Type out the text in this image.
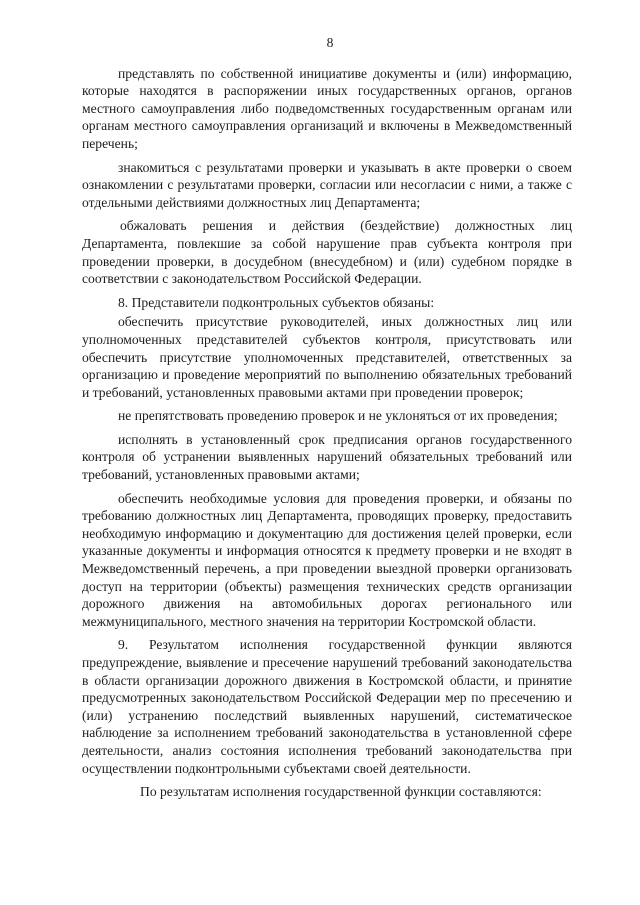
8

представлять по собственной инициативе документы и (или) информацию, которые находятся в распоряжении иных государственных органов, органов местного самоуправления либо подведомственных государственным органам или органам местного самоуправления организаций и включены в Межведомственный перечень;

знакомиться с результатами проверки и указывать в акте проверки о своем ознакомлении с результатами проверки, согласии или несогласии с ними, а также с отдельными действиями должностных лиц Департамента;

обжаловать решения и действия (бездействие) должностных лиц Департамента, повлекшие за собой нарушение прав субъекта контроля при проведении проверки, в досудебном (внесудебном) и (или) судебном порядке в соответствии с законодательством Российской Федерации.

8. Представители подконтрольных субъектов обязаны:

обеспечить присутствие руководителей, иных должностных лиц или уполномоченных представителей субъектов контроля, присутствовать или обеспечить присутствие уполномоченных представителей, ответственных за организацию и проведение мероприятий по выполнению обязательных требований и требований, установленных правовыми актами при проведении проверок;

не препятствовать проведению проверок и не уклоняться от их проведения;

исполнять в установленный срок предписания органов государственного контроля об устранении выявленных нарушений обязательных требований или требований, установленных правовыми актами;

обеспечить необходимые условия для проведения проверки, и обязаны по требованию должностных лиц Департамента, проводящих проверку, предоставить необходимую информацию и документацию для достижения целей проверки, если указанные документы и информация относятся к предмету проверки и не входят в Межведомственный перечень, а при проведении выездной проверки организовать доступ на территории (объекты) размещения технических средств организации дорожного движения на автомобильных дорогах регионального или межмуниципального, местного значения на территории Костромской области.

9. Результатом исполнения государственной функции являются предупреждение, выявление и пресечение нарушений требований законодательства в области организации дорожного движения в Костромской области, и принятие предусмотренных законодательством Российской Федерации мер по пресечению и (или) устранению последствий выявленных нарушений, систематическое наблюдение за исполнением требований законодательства в установленной сфере деятельности, анализ состояния исполнения требований законодательства при осуществлении подконтрольными субъектами своей деятельности.

По результатам исполнения государственной функции составляются:
